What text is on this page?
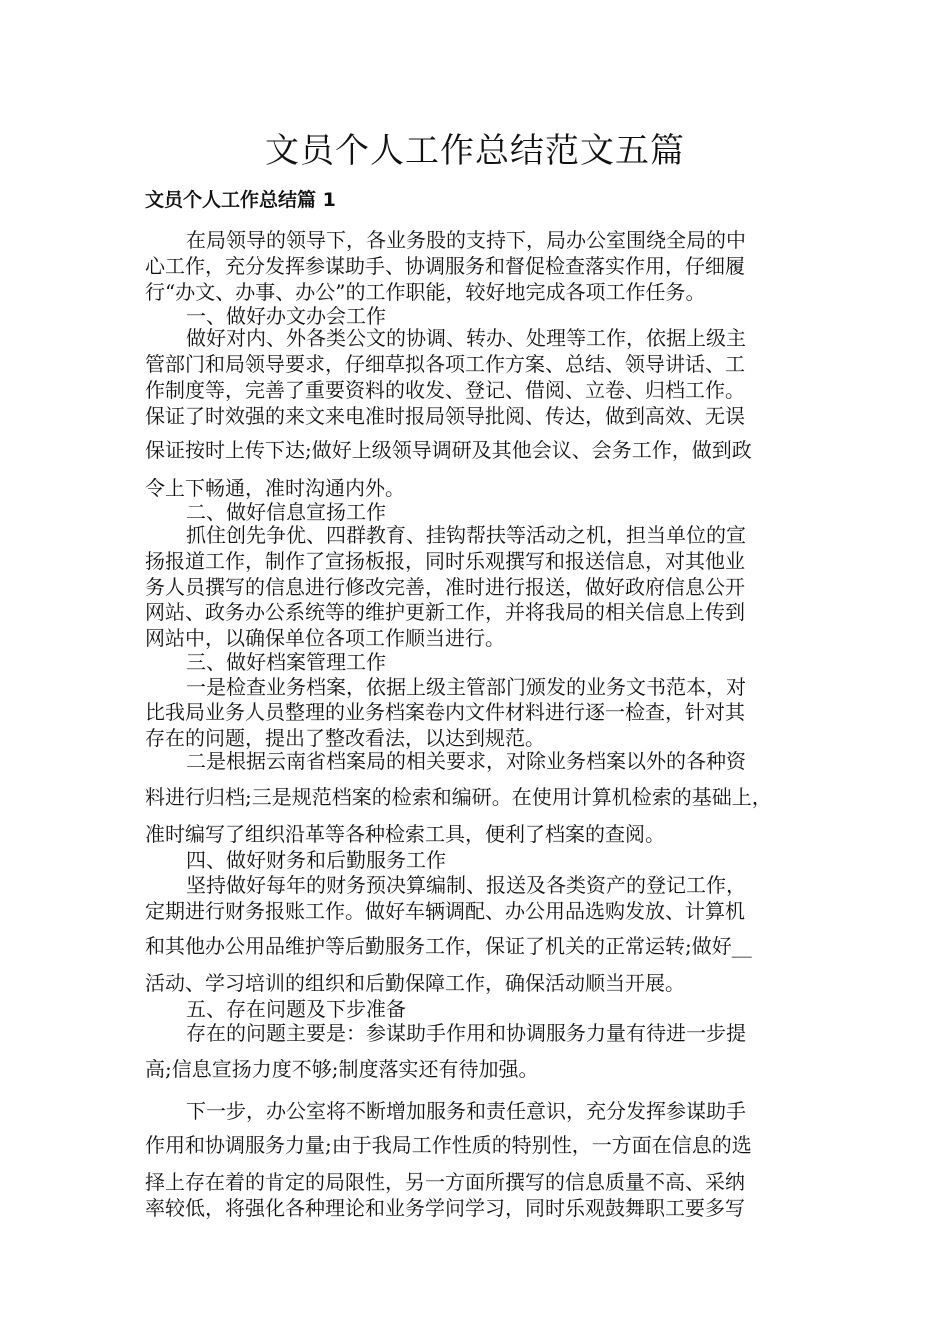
文员个人工作总结范文五篇
文员个人工作总结篇 1
在局领导的领导下，各业务股的支持下，局办公室围绕全局的中
心工作，充分发挥参谋助手、协调服务和督促检查落实作用，仔细履
行“办文、办事、办公”的工作职能，较好地完成各项工作任务。
一、做好办文办会工作
做好对内、外各类公文的协调、转办、处理等工作，依据上级主
管部门和局领导要求，仔细草拟各项工作方案、总结、领导讲话、工
作制度等，完善了重要资料的收发、登记、借阅、立卷、归档工作。
保证了时效强的来文来电准时报局领导批阅、传达，做到高效、无误
保证按时上传下达;做好上级领导调研及其他会议、会务工作，做到政
令上下畅通，准时沟通内外。
二、做好信息宣扬工作
抓住创先争优、四群教育、挂钩帮扶等活动之机，担当单位的宣
扬报道工作，制作了宣扬板报，同时乐观撰写和报送信息，对其他业
务人员撰写的信息进行修改完善，准时进行报送，做好政府信息公开
网站、政务办公系统等的维护更新工作，并将我局的相关信息上传到
网站中，以确保单位各项工作顺当进行。
三、做好档案管理工作
一是检查业务档案，依据上级主管部门颁发的业务文书范本，对
比我局业务人员整理的业务档案卷内文件材料进行逐一检查，针对其
存在的问题，提出了整改看法，以达到规范。
二是根据云南省档案局的相关要求，对除业务档案以外的各种资
料进行归档;三是规范档案的检索和编研。在使用计算机检索的基础上，
准时编写了组织沿革等各种检索工具，便利了档案的查阅。
四、做好财务和后勤服务工作
坚持做好每年的财务预决算编制、报送及各类资产的登记工作，
定期进行财务报账工作。做好车辆调配、办公用品选购发放、计算机
和其他办公用品维护等后勤服务工作，保证了机关的正常运转;做好__
活动、学习培训的组织和后勤保障工作，确保活动顺当开展。
五、存在问题及下步准备
存在的问题主要是：参谋助手作用和协调服务力量有待进一步提
高;信息宣扬力度不够;制度落实还有待加强。
下一步，办公室将不断增加服务和责任意识，充分发挥参谋助手
作用和协调服务力量;由于我局工作性质的特别性，一方面在信息的选
择上存在着的肯定的局限性，另一方面所撰写的信息质量不高、采纳
率较低，将强化各种理论和业务学问学习，同时乐观鼓舞职工要多写
